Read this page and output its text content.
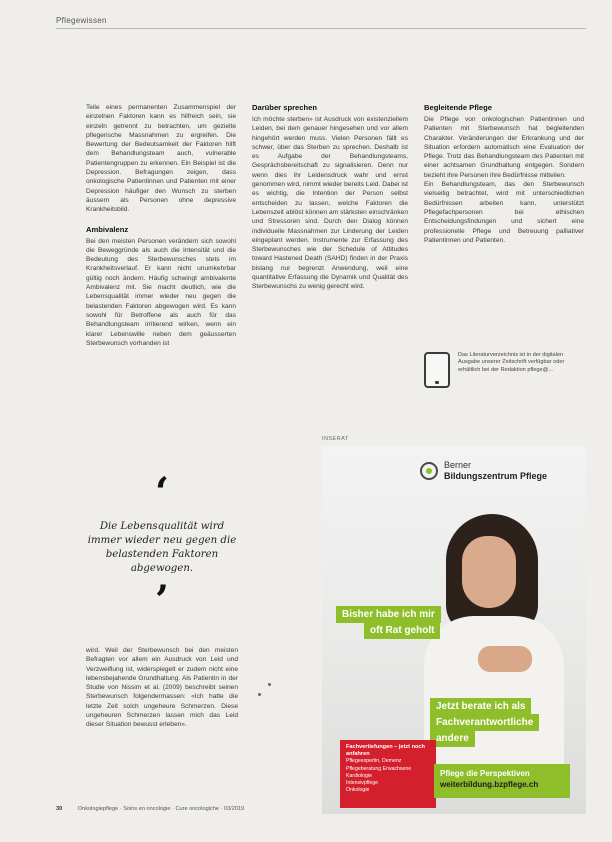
Pflegewissen

Teile eines permanenten Zusammenspiel der einzelnen Faktoren kann es hilfreich sein, sie einzeln getrennt zu betrachten, um gezielte pflegerische Massnahmen zu ergreifen. Die Bewertung der Bedeutsamkeit der Faktoren hilft dem Behandlungsteam auch, vulnerable Patientengruppen zu erkennen. Ein Beispiel ist die Depression. Befragungen zeigen, dass onkologische Patientinnen und Patienten mit einer Depression häufiger den Wunsch zu sterben äussern als Personen ohne depressive Krankheitsbild.

Ambivalenz

Bei den meisten Personen verändern sich sowohl die Beweggründe als auch die Intensität und die Bedeutung des Sterbewunsches stets im Krankheitsverlauf. Er kann nicht unumkehrbar gültig noch ändern. Häufig schwingt ambivalente Ambivalenz mit. Sie macht deutlich, wie die Lebensqualität immer wieder neu gegen die belastenden Faktoren abgewogen wird. Es kann sowohl für Betroffene als auch für das Behandlungsteam irritierend wirken, wenn ein klarer Lebenswille neben dem geäusserten Sterbewunsch vorhanden ist

‘
Die Lebensqualität wird immer wieder neu gegen die belastenden Faktoren abgewogen.
’

wird. Weil der Sterbewunsch bei den meisten Befragten vor allem ein Ausdruck von Leid und Verzweiflung ist, widerspiegelt er zudem nicht eine lebensbejahende Grundhaltung. Als Patientin in der Studie von Nissim et al. (2009) beschreibt seinen Sterbewunsch folgendermassen: «Ich hatte die letzte Zeit solch ungeheure Schmerzen. Diese ungeheuren Schmerzen lassen mich das Leid dieser Situation bewusst erleben».

Darüber sprechen

Ich möchte sterben» ist Ausdruck von existenziellem Leiden, bei dem genauer hingesehen und vor allem hingehört werden muss. Vielen Personen fällt es schwer, über das Sterben zu sprechen. Deshalb ist es Aufgabe der Behandlungsteams, Gesprächsbereitschaft zu signalisieren. Denn nur wenn dies ihr Leidensdruck wahr und ernst genommen wird, nimmt wieder bereits Leid. Dabei ist es wichtig, die Intention der Person selbst entscheiden zu lassen, welche Faktoren die Lebenszeit ablöst können am stärksten einschränken und Stressoren sind. Durch den Dialog können individuelle Massnahmen zur Linderung der Leiden eingeplant werden. Instrumente zur Erfassung des Sterbewunsches wie der Schedule of Attitudes toward Hastened Death (SAHD) finden in der Praxis bislang nur begrenzt Anwendung, weil eine quantitative Erfassung die Dynamik und Qualität des Sterbewunschs zu wenig gerecht wird.

Begleitende Pflege

Die Pflege von onkologischen Patientinnen und Patienten mit Sterbewunsch hat begleitenden Charakter. Veränderungen der Erkrankung und der Situation erfordern automatisch eine Evaluation der Pflege. Trotz das Behandlungsteam des Patienten mit einer achtsamen Grundhaltung entgegen. Sondern bezieht ihre Personen ihre Bedürfnisse mitteilen.

Ein Behandlungsteam, das den Sterbewunsch vielseitig betrachtet, wird mit unterschiedlichen Bedürfnissen arbeiten kann, unterstützt Pflegefachpersonen bei ethischen Entscheidungsfindungen und sichert eine professionelle Pflege und Betreuung palliativer Patientinnen und Patienten.

Das Literaturverzeichnis ist in der digitalen Ausgabe unserer Zeitschrift verfügbar oder erhältlich bei der Redaktion pflege@...
INSERAT
Berner
Bildungszentrum Pflege
Bisher habe ich mir
oft Rat geholt
Jetzt berate ich als
Fachverantwortliche
andere
Fachvertiefungen – jetzt noch anfahren
Pflegeexpertin, Demenz
Pflegeberatung Erwachsene
Kardiologie
Intensivpflege
Onkologie
Pflege die Perspektiven
weiterbildung.bzpflege.ch
30	Onkologiepflege · Soins en oncologie · Cure oncologiche · 03/2019
